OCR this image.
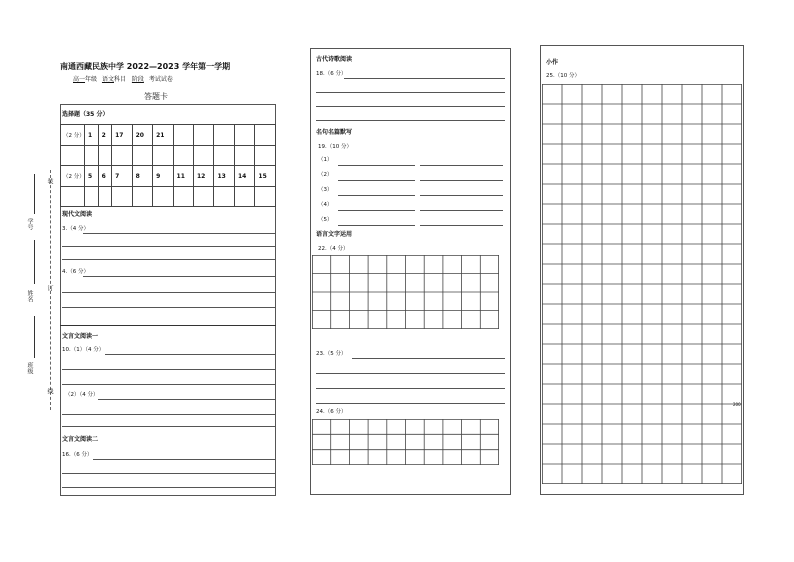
南通西藏民族中学 2022—2023 学年第一学期
高一年级 语文科目 阶段 考试试卷
答题卡
选择题（35 分）
（2 分）	1	2	17	20	21					

（2 分）	5	6	7	8	9	11	12	13	14	15

现代文阅读
3.（4 分）
4.（6 分）
文言文阅读一
10.（1）（4 分）
（2）（4 分）
文言文阅读二
16.（6 分）
装
订
线
学号
姓名
班级
古代诗歌阅读
18.（6 分）
名句名篇默写
19.（10 分）
（1）
（2）
（3）
（4）
（5）
语言文字运用
22.（4 分）
23.（5 分）
24.（6 分）
小作
25.（10 分）
200
